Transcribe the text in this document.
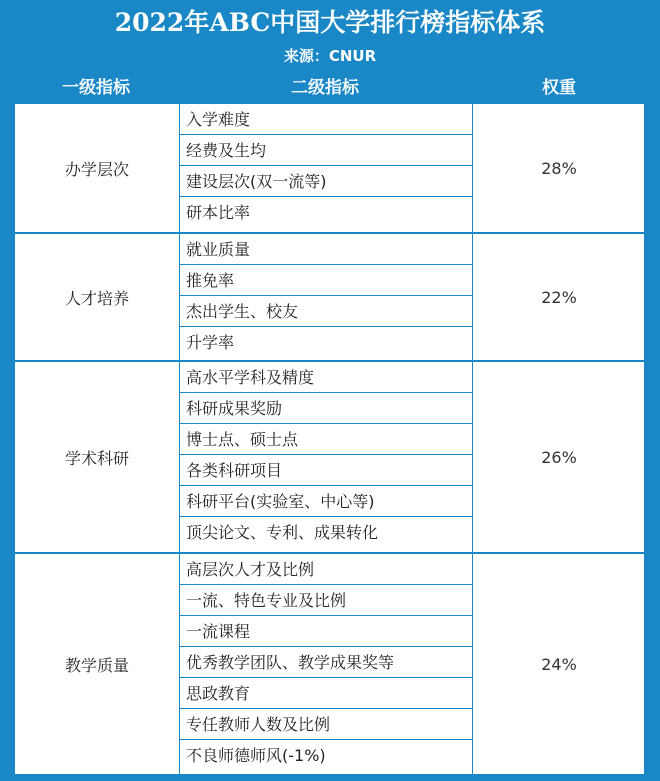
2022年ABC中国大学排行榜指标体系
来源：CNUR
一级指标	二级指标	权重
办学层次
入学难度
经费及生均
建设层次(双一流等)
研本比率
28%
人才培养
就业质量
推免率
杰出学生、校友
升学率
22%
学术科研
高水平学科及精度
科研成果奖励
博士点、硕士点
各类科研项目
科研平台(实验室、中心等)
顶尖论文、专利、成果转化
26%
教学质量
高层次人才及比例
一流、特色专业及比例
一流课程
优秀教学团队、教学成果奖等
思政教育
专任教师人数及比例
不良师德师风(-1%)
24%
